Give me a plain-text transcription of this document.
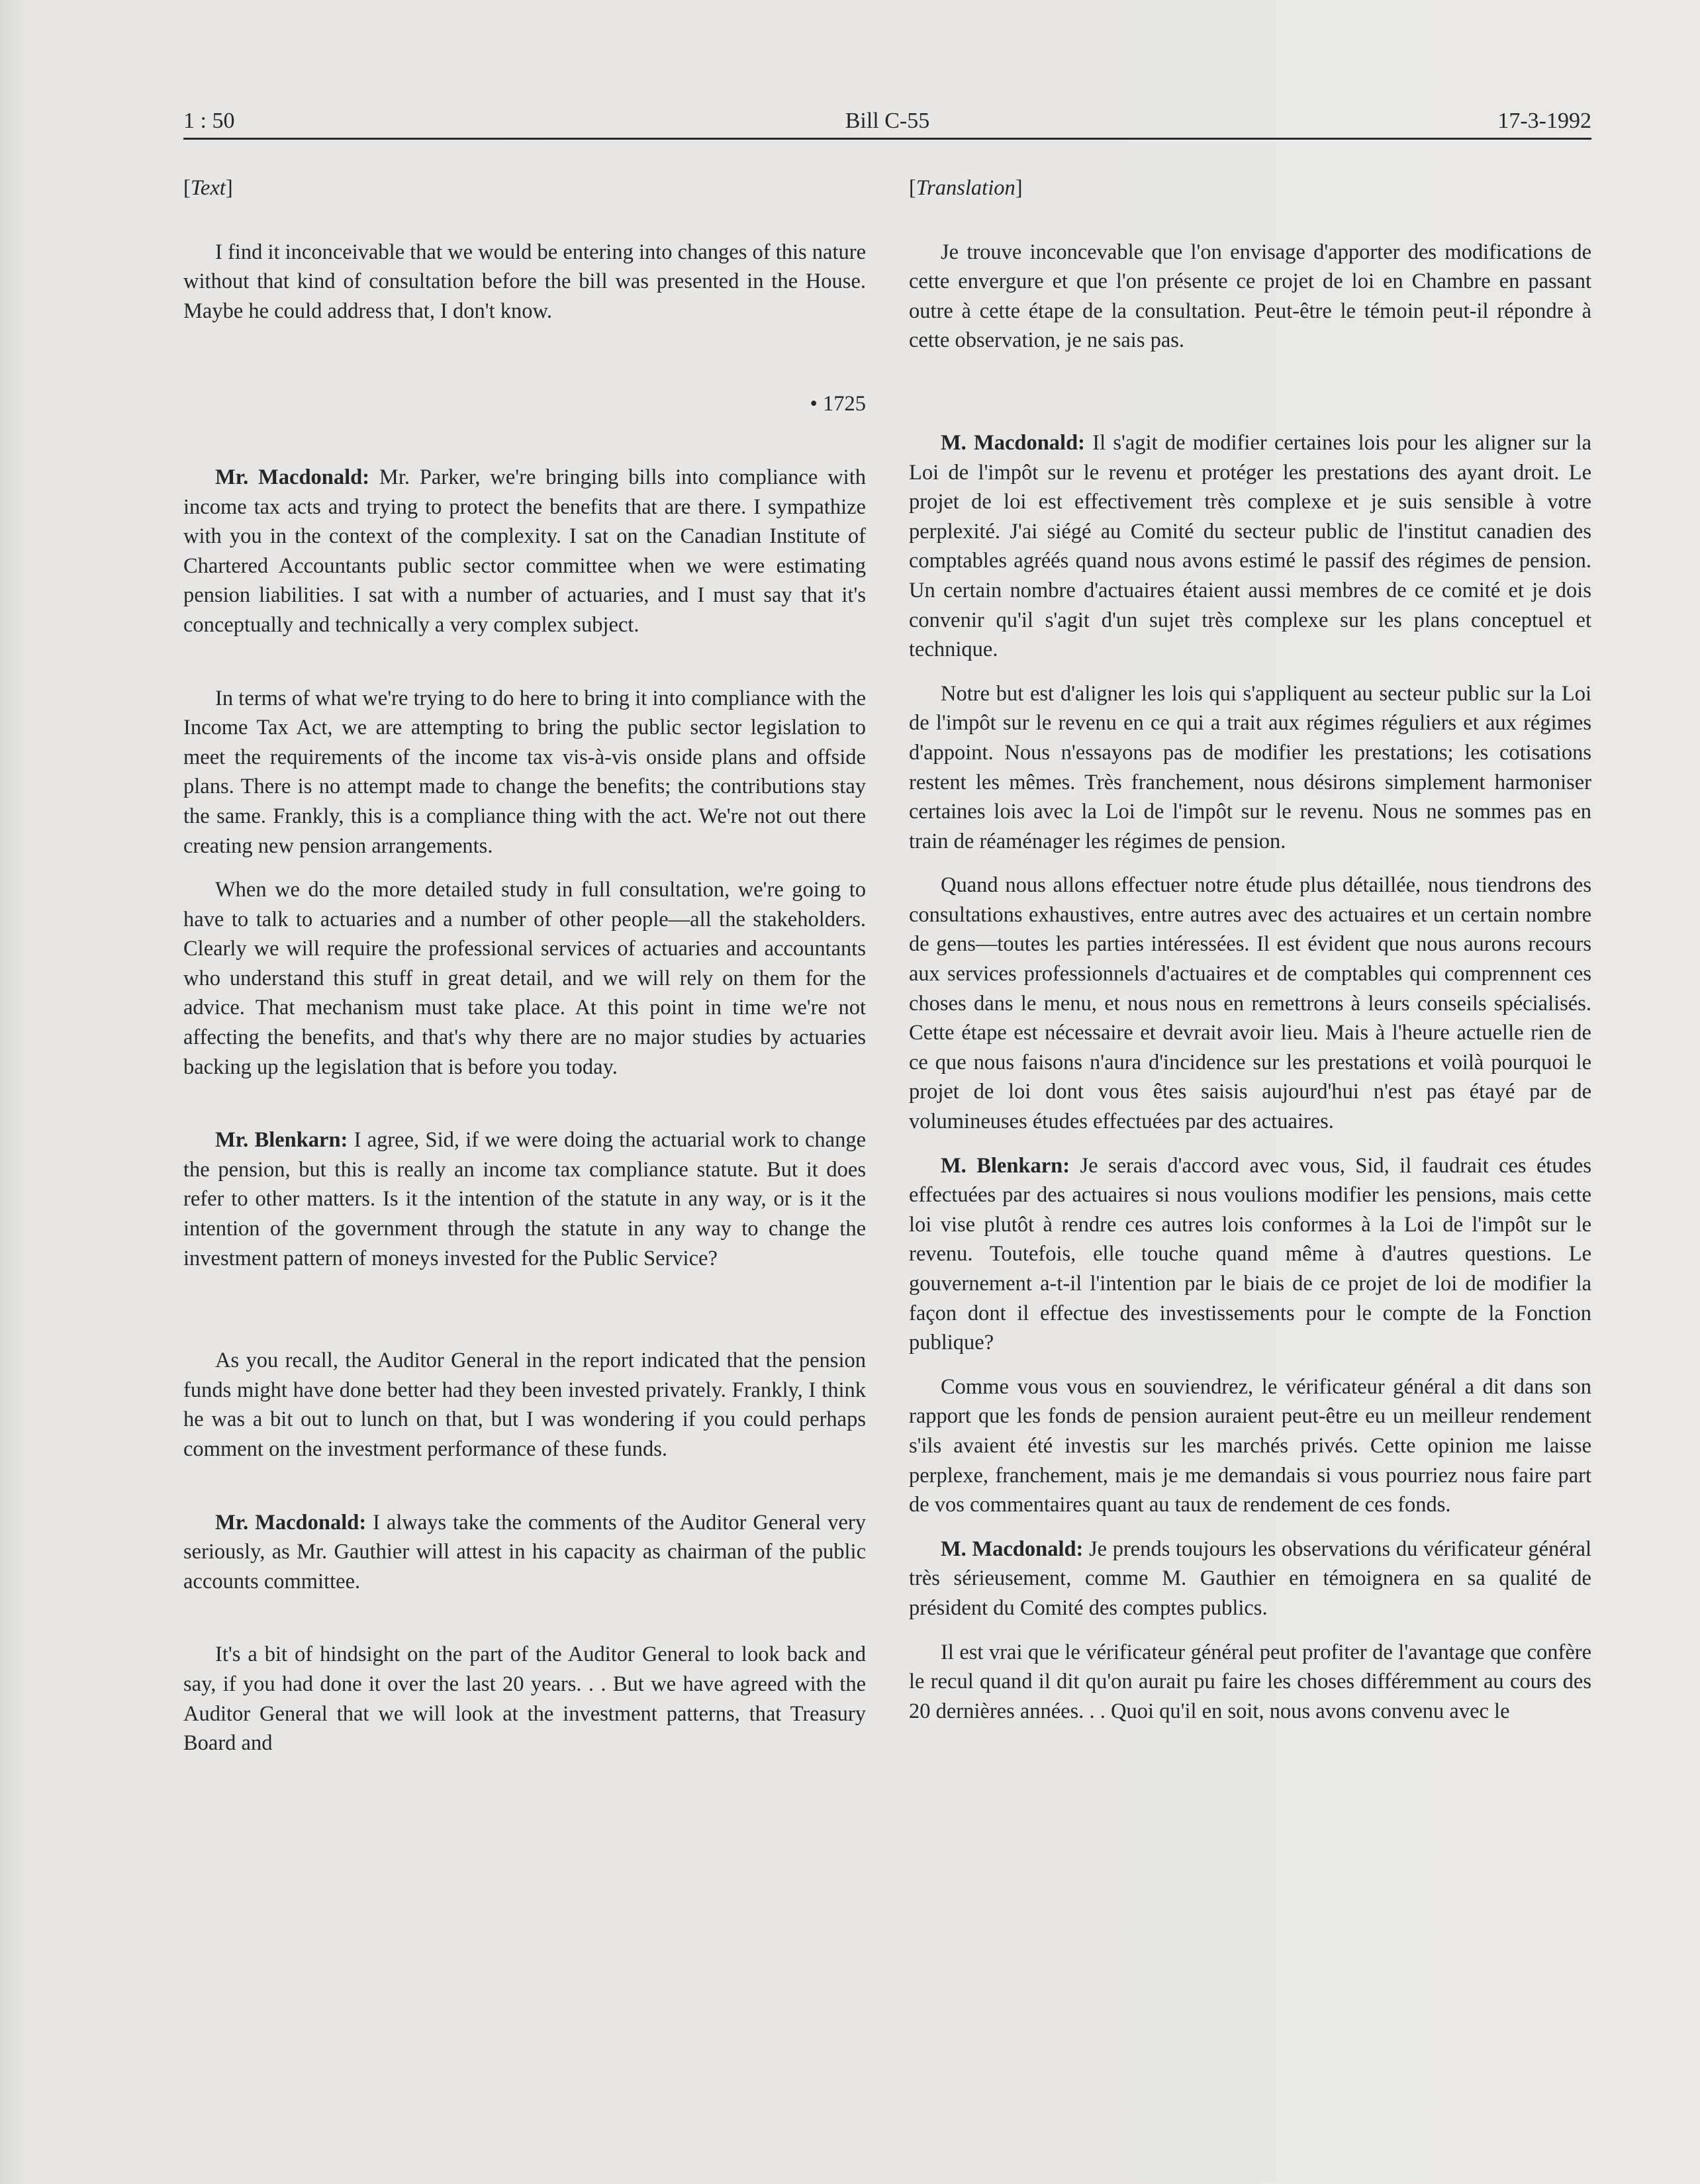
1 : 50	Bill C-55	17-3-1992
[Text]

I find it inconceivable that we would be entering into changes of this nature without that kind of consultation before the bill was presented in the House. Maybe he could address that, I don't know.

• 1725

Mr. Macdonald: Mr. Parker, we're bringing bills into compliance with income tax acts and trying to protect the benefits that are there. I sympathize with you in the context of the complexity. I sat on the Canadian Institute of Chartered Accountants public sector committee when we were estimating pension liabilities. I sat with a number of actuaries, and I must say that it's conceptually and technically a very complex subject.

In terms of what we're trying to do here to bring it into compliance with the Income Tax Act, we are attempting to bring the public sector legislation to meet the requirements of the income tax vis-à-vis onside plans and offside plans. There is no attempt made to change the benefits; the contributions stay the same. Frankly, this is a compliance thing with the act. We're not out there creating new pension arrangements.

When we do the more detailed study in full consultation, we're going to have to talk to actuaries and a number of other people—all the stakeholders. Clearly we will require the professional services of actuaries and accountants who understand this stuff in great detail, and we will rely on them for the advice. That mechanism must take place. At this point in time we're not affecting the benefits, and that's why there are no major studies by actuaries backing up the legislation that is before you today.

Mr. Blenkarn: I agree, Sid, if we were doing the actuarial work to change the pension, but this is really an income tax compliance statute. But it does refer to other matters. Is it the intention of the statute in any way, or is it the intention of the government through the statute in any way to change the investment pattern of moneys invested for the Public Service?

As you recall, the Auditor General in the report indicated that the pension funds might have done better had they been invested privately. Frankly, I think he was a bit out to lunch on that, but I was wondering if you could perhaps comment on the investment performance of these funds.

Mr. Macdonald: I always take the comments of the Auditor General very seriously, as Mr. Gauthier will attest in his capacity as chairman of the public accounts committee.

It's a bit of hindsight on the part of the Auditor General to look back and say, if you had done it over the last 20 years. . . But we have agreed with the Auditor General that we will look at the investment patterns, that Treasury Board and

[Translation]

Je trouve inconcevable que l'on envisage d'apporter des modifications de cette envergure et que l'on présente ce projet de loi en Chambre en passant outre à cette étape de la consultation. Peut-être le témoin peut-il répondre à cette observation, je ne sais pas.

M. Macdonald: Il s'agit de modifier certaines lois pour les aligner sur la Loi de l'impôt sur le revenu et protéger les prestations des ayant droit. Le projet de loi est effectivement très complexe et je suis sensible à votre perplexité. J'ai siégé au Comité du secteur public de l'institut canadien des comptables agréés quand nous avons estimé le passif des régimes de pension. Un certain nombre d'actuaires étaient aussi membres de ce comité et je dois convenir qu'il s'agit d'un sujet très complexe sur les plans conceptuel et technique.

Notre but est d'aligner les lois qui s'appliquent au secteur public sur la Loi de l'impôt sur le revenu en ce qui a trait aux régimes réguliers et aux régimes d'appoint. Nous n'essayons pas de modifier les prestations; les cotisations restent les mêmes. Très franchement, nous désirons simplement harmoniser certaines lois avec la Loi de l'impôt sur le revenu. Nous ne sommes pas en train de réaménager les régimes de pension.

Quand nous allons effectuer notre étude plus détaillée, nous tiendrons des consultations exhaustives, entre autres avec des actuaires et un certain nombre de gens—toutes les parties intéressées. Il est évident que nous aurons recours aux services professionnels d'actuaires et de comptables qui comprennent ces choses dans le menu, et nous nous en remettrons à leurs conseils spécialisés. Cette étape est nécessaire et devrait avoir lieu. Mais à l'heure actuelle rien de ce que nous faisons n'aura d'incidence sur les prestations et voilà pourquoi le projet de loi dont vous êtes saisis aujourd'hui n'est pas étayé par de volumineuses études effectuées par des actuaires.

M. Blenkarn: Je serais d'accord avec vous, Sid, il faudrait ces études effectuées par des actuaires si nous voulions modifier les pensions, mais cette loi vise plutôt à rendre ces autres lois conformes à la Loi de l'impôt sur le revenu. Toutefois, elle touche quand même à d'autres questions. Le gouvernement a-t-il l'intention par le biais de ce projet de loi de modifier la façon dont il effectue des investissements pour le compte de la Fonction publique?

Comme vous vous en souviendrez, le vérificateur général a dit dans son rapport que les fonds de pension auraient peut-être eu un meilleur rendement s'ils avaient été investis sur les marchés privés. Cette opinion me laisse perplexe, franchement, mais je me demandais si vous pourriez nous faire part de vos commentaires quant au taux de rendement de ces fonds.

M. Macdonald: Je prends toujours les observations du vérificateur général très sérieusement, comme M. Gauthier en témoignera en sa qualité de président du Comité des comptes publics.

Il est vrai que le vérificateur général peut profiter de l'avantage que confère le recul quand il dit qu'on aurait pu faire les choses différemment au cours des 20 dernières années. . . Quoi qu'il en soit, nous avons convenu avec le
